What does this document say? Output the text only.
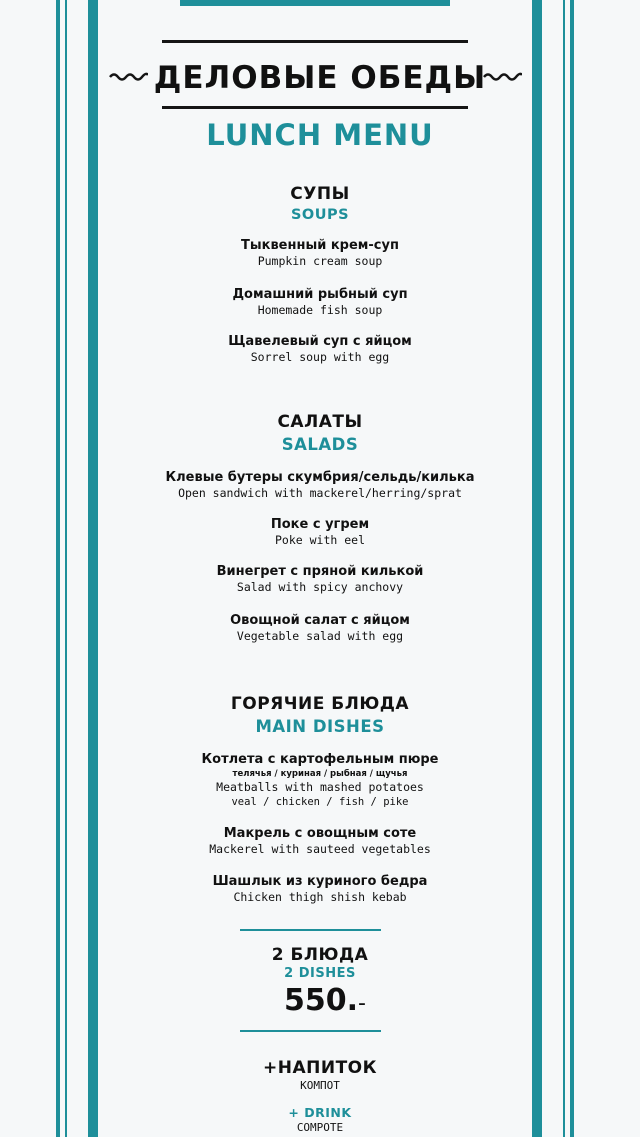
ДЕЛОВЫЕ ОБЕДЫ
LUNCH MENU
СУПЫ
SOUPS
Тыквенный крем-суп
Pumpkin cream soup
Домашний рыбный суп
Homemade fish soup
Щавелевый суп с яйцом
Sorrel soup with egg
САЛАТЫ
SALADS
Клевые бутеры скумбрия/сельдь/килька
Open sandwich with mackerel/herring/sprat
Поке с угрем
Poke with eel
Винегрет с пряной килькой
Salad with spicy anchovy
Овощной салат с яйцом
Vegetable salad with egg
ГОРЯЧИЕ БЛЮДА
MAIN DISHES
Котлета с картофельным пюре
телячья / куриная / рыбная / щучья
Meatballs with mashed potatoes
veal / chicken / fish / pike
Макрель с овощным соте
Mackerel with sauteed vegetables
Шашлык из куриного бедра
Chicken thigh shish kebab
2 БЛЮДА
2 DISHES
550.-
+НАПИТОК
КОМПОТ
+ DRINK
COMPOTE
